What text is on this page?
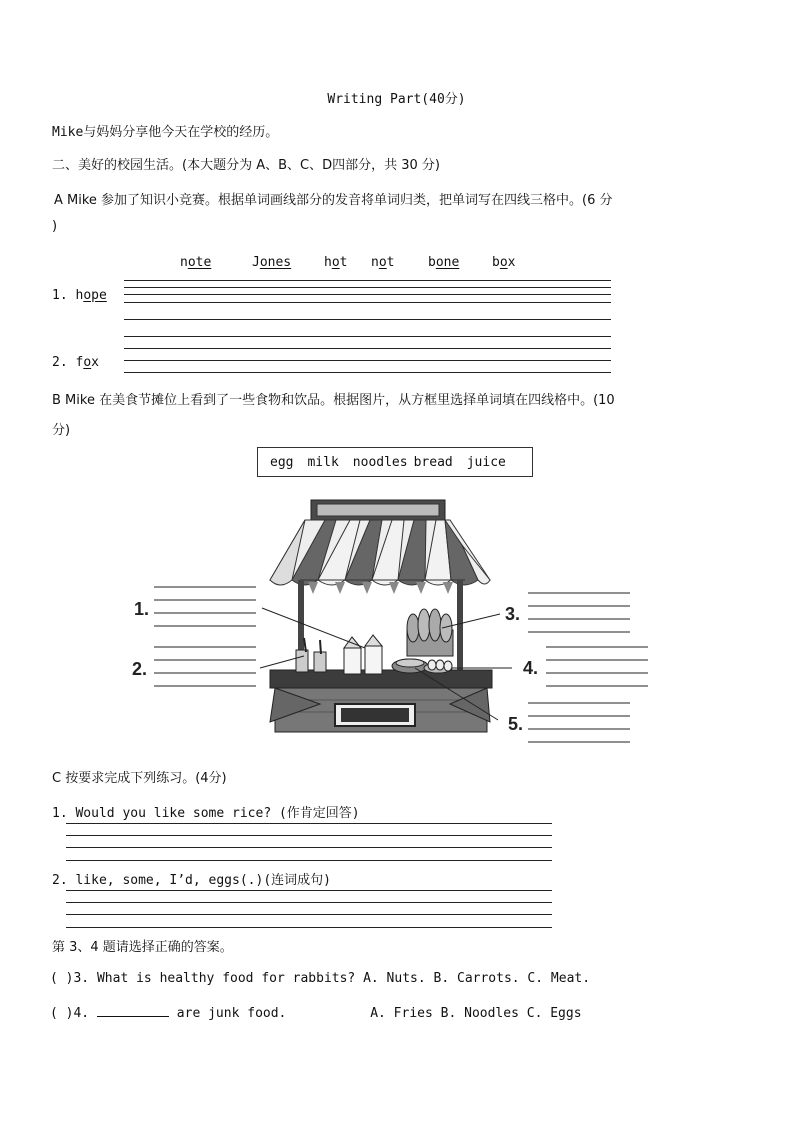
Writing Part(40分)
Mike与妈妈分享他今天在学校的经历。
二、美好的校园生活。(本大题分为 A、B、C、D四部分，共 30 分)
A Mike 参加了知识小竞赛。根据单词画线部分的发音将单词归类，把单词写在四线三格中。(6 分
)
note	Jones	hot not	bone	box
1. hope
2. fox
B Mike 在美食节摊位上看到了一些食物和饮品。根据图片，从方框里选择单词填在四线格中。(10
分)
egg milk noodles bread juice
1.
2.
3.
4.
5.
C 按要求完成下列练习。(4分)
1. Would you like some rice? (作肯定回答)
2. like, some, I’d, eggs(.)(连词成句)
第 3、4 题请选择正确的答案。
( )3. What is healthy food for rabbits? A. Nuts. B. Carrots. C. Meat.
( )4.	are junk food.	A. Fries B. Noodles C. Eggs
